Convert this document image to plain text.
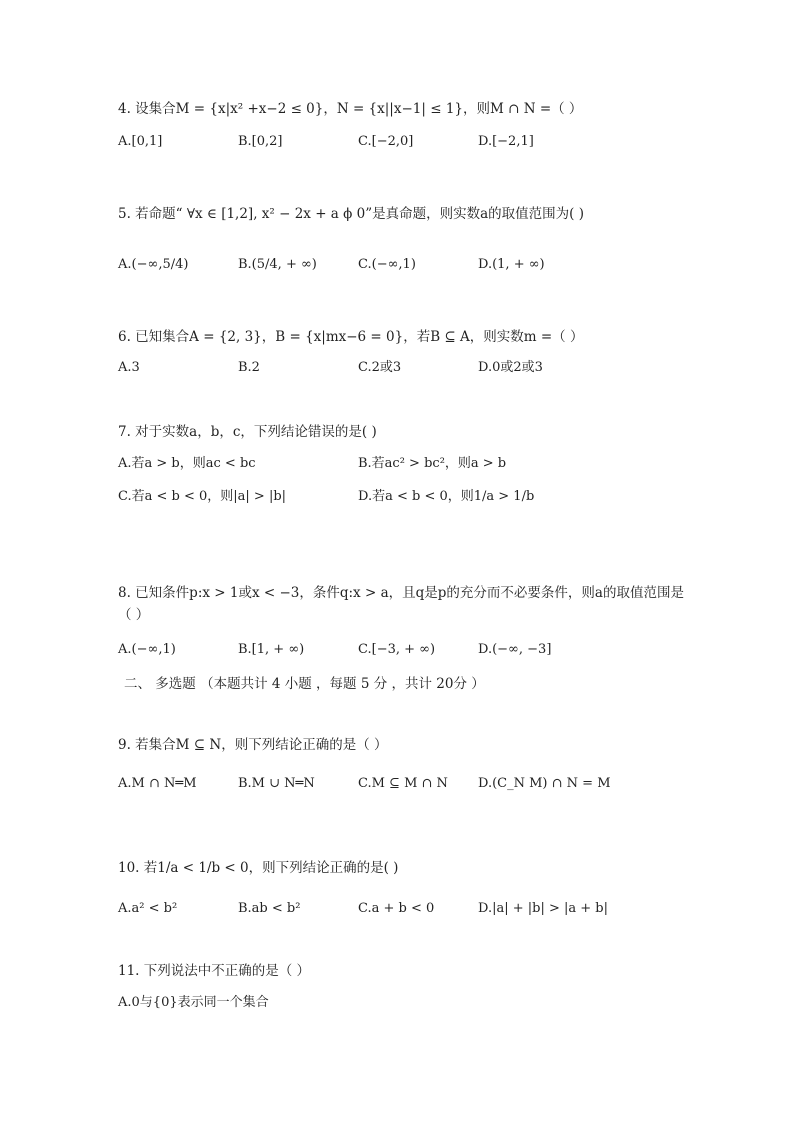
4. 设集合M = {x|x² +x−2 ≤ 0}，N = {x||x−1| ≤ 1}，则M ∩ N =（ ）
A.[0,1]	B.[0,2]	C.[−2,0]	D.[−2,1]
5. 若命题“ ∀x ∈ [1,2], x² − 2x + a ϕ 0”是真命题，则实数a的取值范围为( )
A.(−∞,5/4)	B.(5/4, + ∞)	C.(−∞,1)	D.(1, + ∞)
6. 已知集合A = {2, 3}，B = {x|mx−6 = 0}，若B ⊆ A，则实数m =（ ）
A.3	B.2	C.2或3	D.0或2或3
7. 对于实数a，b，c，下列结论错误的是( )
A.若a > b，则ac < bc	B.若ac² > bc²，则a > b
C.若a < b < 0，则|a| > |b|	D.若a < b < 0，则1/a > 1/b
8. 已知条件p:x > 1或x < −3，条件q:x > a，且q是p的充分而不必要条件，则a的取值范围是
（ ）
A.(−∞,1)	B.[1, + ∞)	C.[−3, + ∞)	D.(−∞, −3]
二、 多选题 （本题共计 4 小题 ，每题 5 分 ，共计 20分 ）
9. 若集合M ⊆ N，则下列结论正确的是（ ）
A.M ∩ N═M	B.M ∪ N═N	C.M ⊆ M ∩ N D.(C_N M) ∩ N = M
10. 若1/a < 1/b < 0，则下列结论正确的是( )
A.a² < b²	B.ab < b²	C.a + b < 0	D.|a| + |b| > |a + b|
11. 下列说法中不正确的是（ ）
A.0与{0}表示同一个集合
